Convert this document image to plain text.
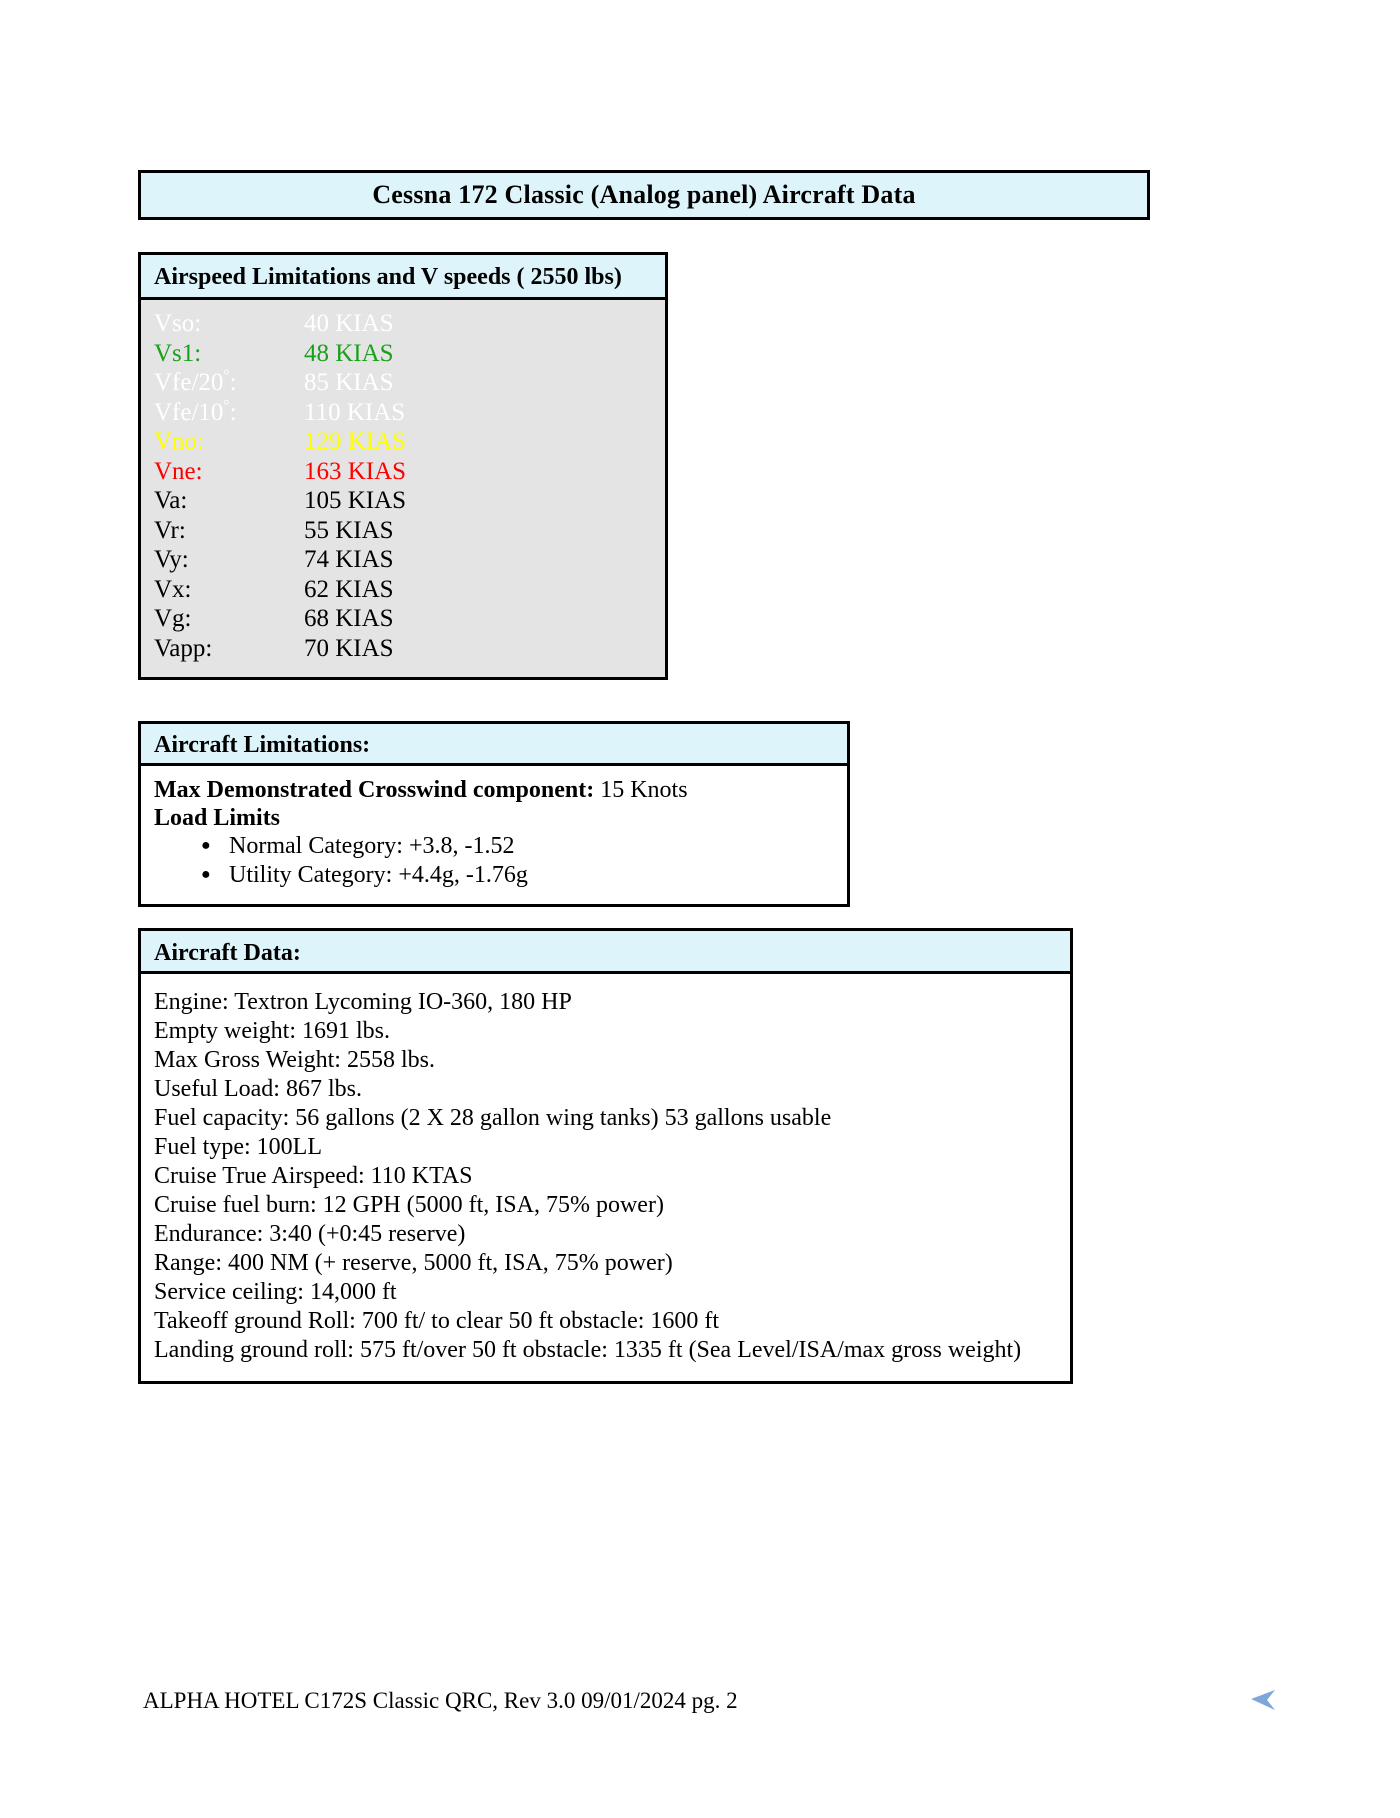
Cessna 172 Classic (Analog panel) Aircraft Data
Airspeed Limitations and V speeds ( 2550 lbs)
Vso:	40 KIAS
Vs1:	48 KIAS
Vfe/20°:	85 KIAS
Vfe/10°:	110 KIAS
Vno:	129 KIAS
Vne:	163 KIAS
Va:	105 KIAS
Vr:	55 KIAS
Vy:	74 KIAS
Vx:	62 KIAS
Vg:	68 KIAS
Vapp:	70 KIAS
Aircraft Limitations:
Max Demonstrated Crosswind component: 15 Knots
Load Limits
● Normal Category: +3.8, -1.52
● Utility Category: +4.4g, -1.76g
Aircraft Data:
Engine: Textron Lycoming IO-360, 180 HP
Empty weight: 1691 lbs.
Max Gross Weight: 2558 lbs.
Useful Load: 867 lbs.
Fuel capacity: 56 gallons (2 X 28 gallon wing tanks) 53 gallons usable
Fuel type: 100LL
Cruise True Airspeed: 110 KTAS
Cruise fuel burn: 12 GPH (5000 ft, ISA, 75% power)
Endurance: 3:40 (+0:45 reserve)
Range: 400 NM (+ reserve, 5000 ft, ISA, 75% power)
Service ceiling: 14,000 ft
Takeoff ground Roll: 700 ft/ to clear 50 ft obstacle: 1600 ft
Landing ground roll: 575 ft/over 50 ft obstacle: 1335 ft (Sea Level/ISA/max gross weight)
ALPHA HOTEL C172S Classic QRC, Rev 3.0 09/01/2024 pg. 2
